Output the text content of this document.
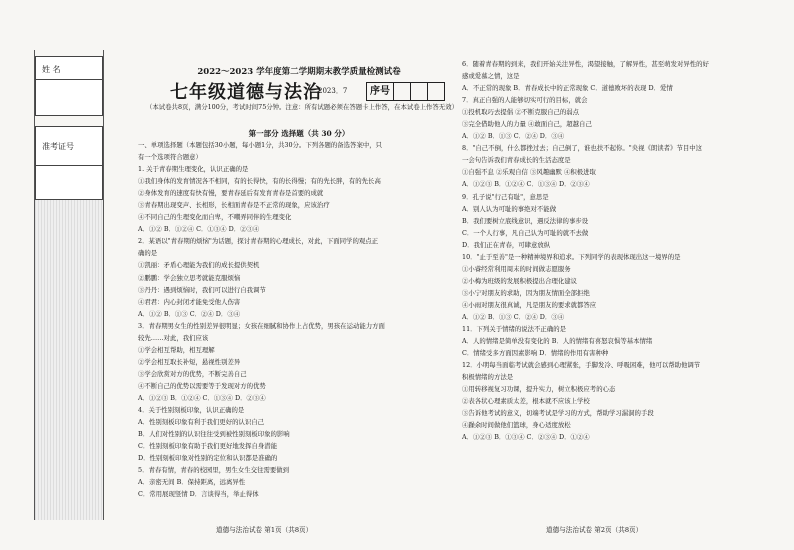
姓 名
准考证号
2022～2023 学年度第二学期期末教学质量检测试卷
七年级道德与法治
2023．7	序号
（本试卷共8页，满分100分，考试时间75分钟。注意：所有试题必须在答题卡上作答，在本试卷上作答无效）
第一部分 选择题（共 30 分）
一、单项选择题（本题包括30小题，每小题1分，共30分。下列各题的备选答案中，只
有一个选项符合题意）
1. 关于青春期生理变化，认识正确的是
①我们身体的发育情况各不相同，有的长得快，有的长得慢；有的先长胖，有的先长高
②身体发育的速度有快有慢，要青春延后有发育青春是首要的成就
③青春期出现变声、长相形，长相面青春是不正常的现象，应该治疗
④不同自己的生理变化而自卑，不嘲弄同伴的生理变化
A．①② B．①②④ C．①③④ D．②③④
2．某语以"青春期的烦恼"为话题，探讨青春期的心理成长，对此，下面同学的观点正
确的是
①凯丽：矛盾心理能为我们的成长提供契机
②鹏鹏：学会独立思考就能克服烦恼
③丹丹：遇到烦恼时，我们可以进行自我调节
④君君：内心封闭才能免受他人伤害
A．①② B．①③ C．②④ D．③④
3．青春期男女生的性别差异很明显；女孩在细腻和协作上占优势，男孩在运动能力方面
较先……对此，我们应该
①学会相互帮助，相互理解
②学会相互取长补短，悬视性别差异
③学会欣赏对方的优势，不断完善自己
④不断自己的优势以需要等于发现对方的优势
A．①②③ B．①②④ C．①③④ D．②③④
4．关于性别刻板印象，认识正确的是
A．性别刻板印象有利于我们更好的认识自己
B．人们对性别的认识往往受到被性别刻板印象的影响
C．性别刻板印象有助于我们更好地发挥自身潜能
D．性别刻板印象对性别的定位和认识都是准确的
5．青春有情，青春的校园里，男生女生交往需要做到
A．亲密无间 B．保持距离，远离异性
C．常用展现竖情 D．言谈得当，举止得体
6．随着青春期的到来，我们开始关注异性，渴望接触，了解异性，甚至萌发对异性的好
感或爱慕之情，这是
A．不正常的现象 B．青春成长中的正常现象 C．道德败坏的表现 D．爱情
7．真正自强的人能够切实可行的目标，就会
①投机取巧去提倡 ②不断克服自己的弱点
③完全借助他人的力量 ④敢面自己，超越自己
A．①② B．①③ C．②④ D．③④
8．"自己不倒，什么都挫过去；自己倒了，谁也扶不起你。"央视《朗读者》节目中这
一会句告诉我们青春成长的生活态度是
①自强不息 ②乐观自信 ③风趣幽默 ④积极进取
A．①②③ B．①②④ C．①③④ D．②③④
9．孔子说"行己有耻"，意思是
A．别人认为可耻的事绝对不能做
B．我们要树立底线意识，遇反法律的事步设
C．一个人行事，凡自己认为可耻的就不去做
D．我们正在青春，可肆意放纵
10．"止于至善"是一种精神境界和追求。下列同学的表现体现出这一境界的是
①小睿经常利用周末的时间做志愿服务
②小梅为班级的发展积极提出合理化建议
③小宁对朋友的求助，因为朋友情面全部拒绝
④小雨对朋友很真诚，凡是朋友的要求就都答应
A．①② B．①③ C．②④ D．③④
11．下列关于情绪的说法不正确的是
A．人的情绪是简单没有变化的 B．人的情绪有喜怒哀惧等基本情绪
C．情绪受多方面因素影响 D．情绪的作用有害种种
12．小明每当面临考试就会感到心理紧张，手脚发冷、呼吸困难，他可以帮助他调节
积极情绪的方法是
①用转移视复习功课，提升实力，树立积极应考的心态
②表各状心理素质太差，根本就不应该上学校
③告诉他考试的意义，切端考试是学习的方式，帮助学习漏洞的手段
④躁余时间做他们篮球，身心适度放松
A．①②③ B．①③④ C．②③④ D．①②④
道德与法治试卷 第1页（共8页）	道德与法治试卷 第2页（共8页）
